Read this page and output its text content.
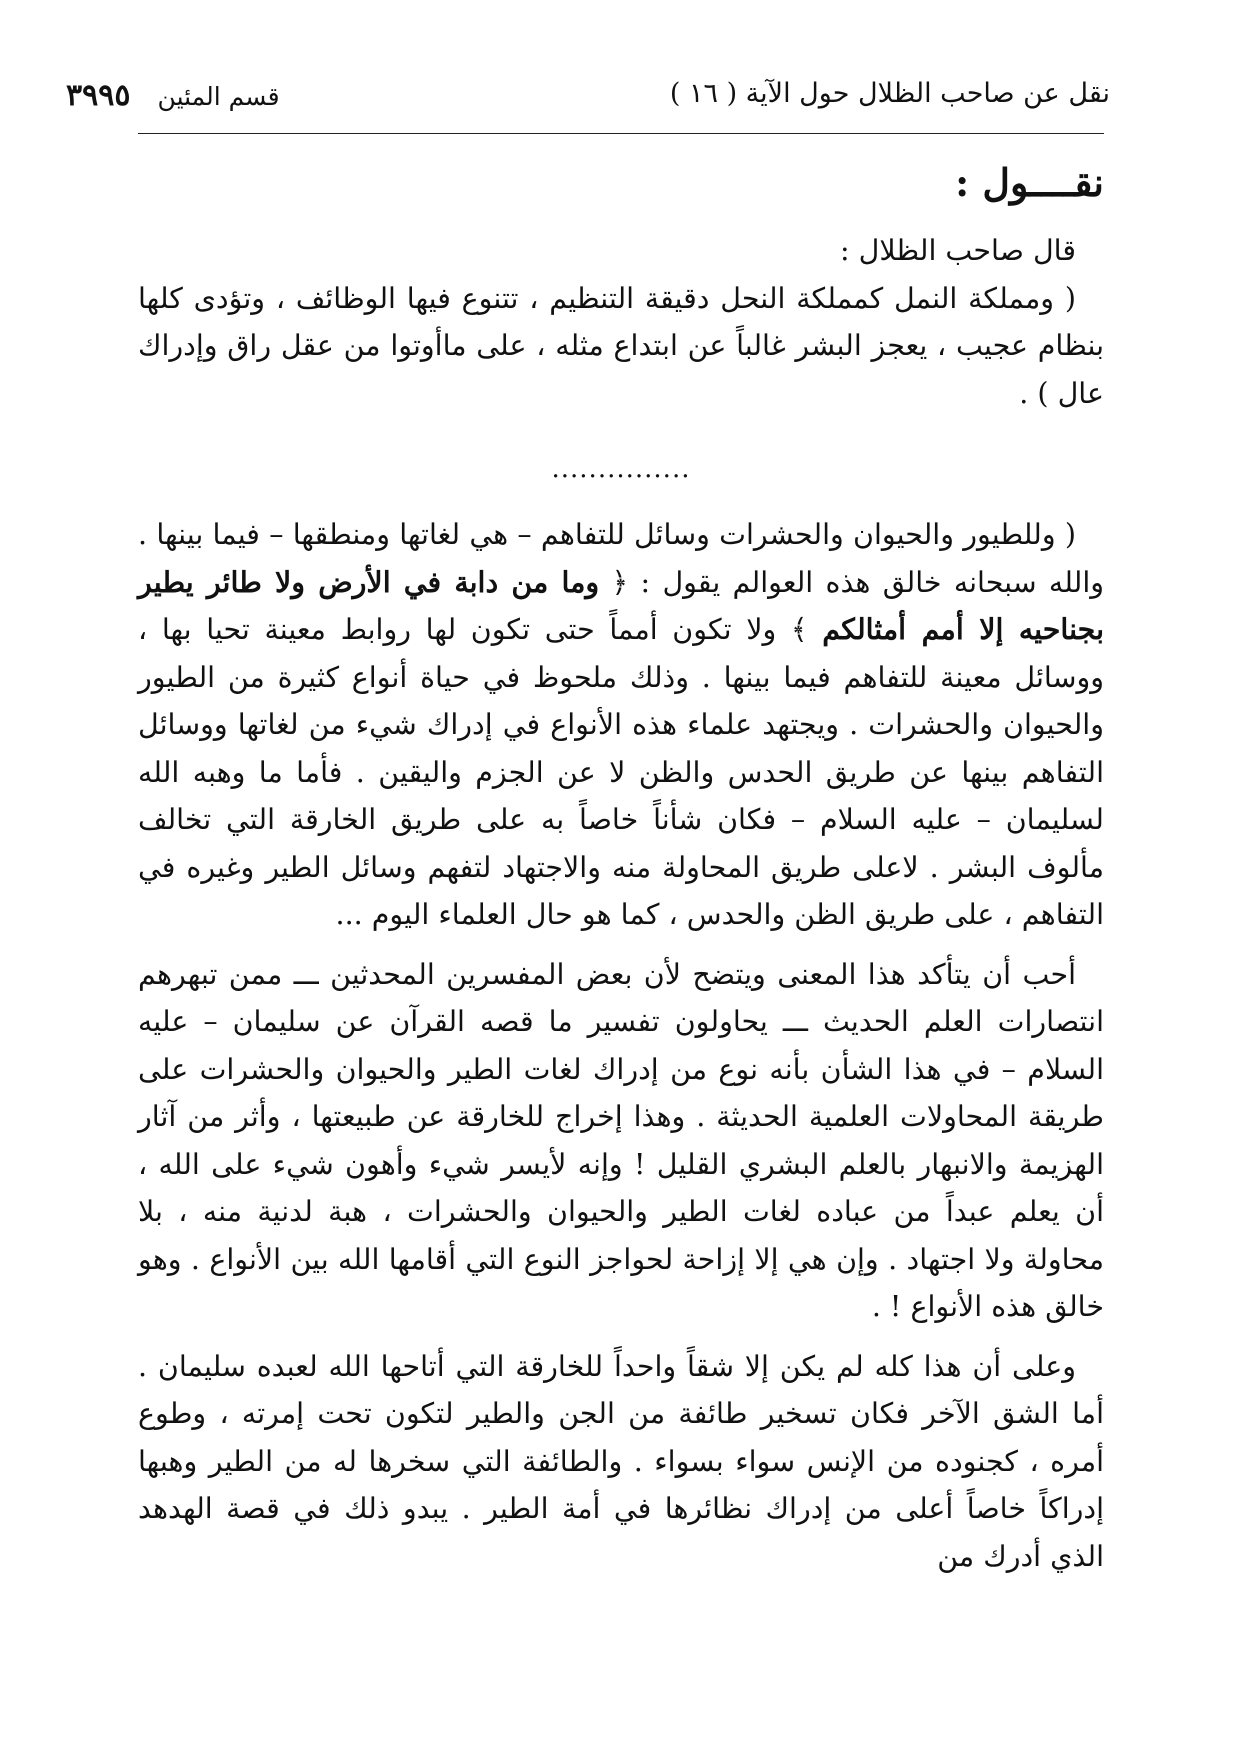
نقل عن صاحب الظلال حول الآية ( ١٦ )
قسم المئين ٣٩٩٥
نقــــول :

قال صاحب الظلال :

( ومملكة النمل كمملكة النحل دقيقة التنظيم ، تتنوع فيها الوظائف ، وتؤدى كلها بنظام عجيب ، يعجز البشر غالباً عن ابتداع مثله ، على ماأوتوا من عقل راق وإدراك عال ) .

...............

( وللطيور والحيوان والحشرات وسائل للتفاهم – هي لغاتها ومنطقها – فيما بينها . والله سبحانه خالق هذه العوالم يقول : ﴿ وما من دابة في الأرض ولا طائر يطير بجناحيه إلا أمم أمثالكم ﴾ ولا تكون أمماً حتى تكون لها روابط معينة تحيا بها ، ووسائل معينة للتفاهم فيما بينها . وذلك ملحوظ في حياة أنواع كثيرة من الطيور والحيوان والحشرات . ويجتهد علماء هذه الأنواع في إدراك شيء من لغاتها ووسائل التفاهم بينها عن طريق الحدس والظن لا عن الجزم واليقين . فأما ما وهبه الله لسليمان – عليه السلام – فكان شأناً خاصاً به على طريق الخارقة التي تخالف مألوف البشر . لاعلى طريق المحاولة منه والاجتهاد لتفهم وسائل الطير وغيره في التفاهم ، على طريق الظن والحدس ، كما هو حال العلماء اليوم ...

أحب أن يتأكد هذا المعنى ويتضح لأن بعض المفسرين المحدثين ـــ ممن تبهرهم انتصارات العلم الحديث ـــ يحاولون تفسير ما قصه القرآن عن سليمان – عليه السلام – في هذا الشأن بأنه نوع من إدراك لغات الطير والحيوان والحشرات على طريقة المحاولات العلمية الحديثة . وهذا إخراج للخارقة عن طبيعتها ، وأثر من آثار الهزيمة والانبهار بالعلم البشري القليل ! وإنه لأيسر شيء وأهون شيء على الله ، أن يعلم عبداً من عباده لغات الطير والحيوان والحشرات ، هبة لدنية منه ، بلا محاولة ولا اجتهاد . وإن هي إلا إزاحة لحواجز النوع التي أقامها الله بين الأنواع . وهو خالق هذه الأنواع ! .

وعلى أن هذا كله لم يكن إلا شقاً واحداً للخارقة التي أتاحها الله لعبده سليمان . أما الشق الآخر فكان تسخير طائفة من الجن والطير لتكون تحت إمرته ، وطوع أمره ، كجنوده من الإنس سواء بسواء . والطائفة التي سخرها له من الطير وهبها إدراكاً خاصاً أعلى من إدراك نظائرها في أمة الطير . يبدو ذلك في قصة الهدهد الذي أدرك من
